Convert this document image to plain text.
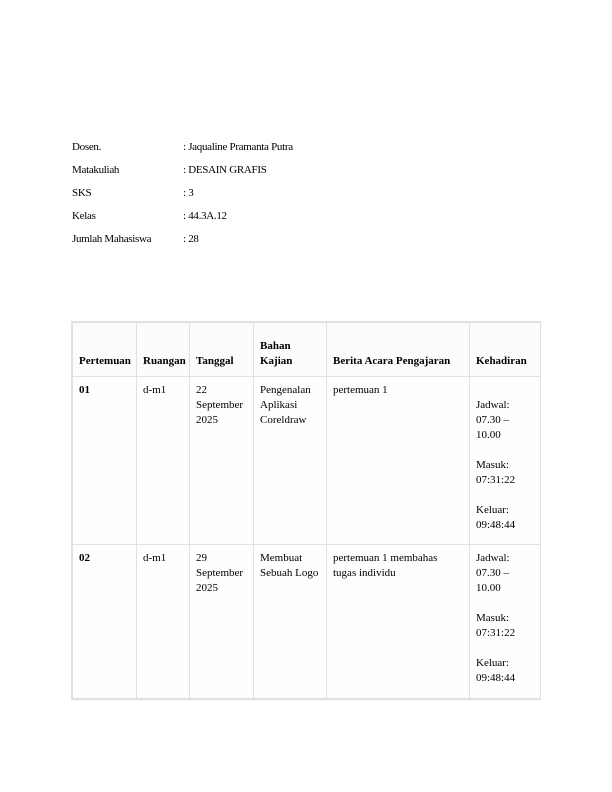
Dosen.	: Jaqualine Pramanta Putra
Matakuliah	: DESAIN GRAFIS
SKS	: 3
Kelas	: 44.3A.12
Jumlah Mahasiswa	: 28
Pertemuan	Ruangan	Tanggal	Bahan Kajian	Berita Acara Pengajaran	Kehadiran
01	d-m1	22 September 2025	Pengenalan Aplikasi Coreldraw	pertemuan 1	Jadwal: 07.30 – 10.00
Masuk: 07:31:22
Keluar: 09:48:44

02	d-m1	29 September 2025	Membuat Sebuah Logo	pertemuan 1 membahas tugas individu	Jadwal: 07.30 – 10.00
Masuk: 07:31:22
Keluar: 09:48:44
